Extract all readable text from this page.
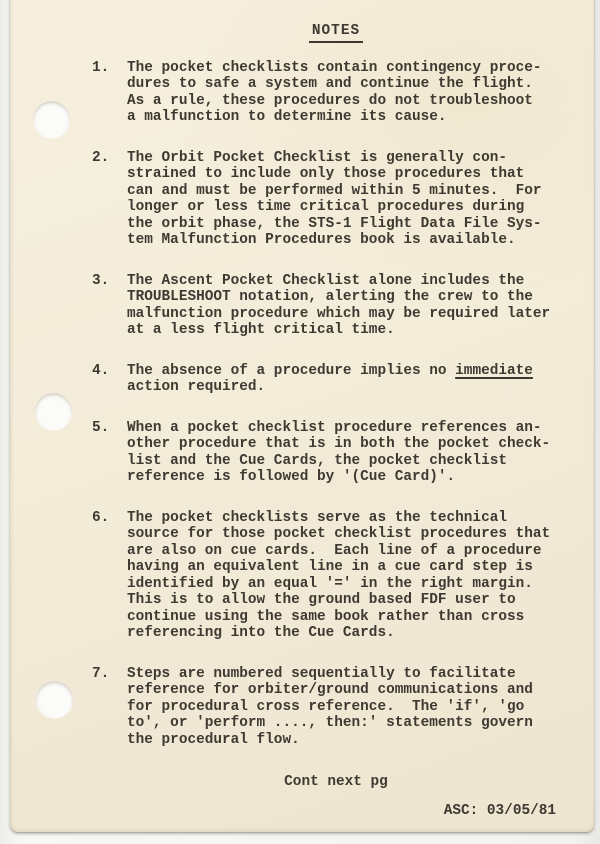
NOTES
1.	The pocket checklists contain contingency proce-
dures to safe a system and continue the flight.
As a rule, these procedures do not troubleshoot
a malfunction to determine its cause.
2.	The Orbit Pocket Checklist is generally con-
strained to include only those procedures that
can and must be performed within 5 minutes.  For
longer or less time critical procedures during
the orbit phase, the STS-1 Flight Data File Sys-
tem Malfunction Procedures book is available.
3.	The Ascent Pocket Checklist alone includes the
TROUBLESHOOT notation, alerting the crew to the
malfunction procedure which may be required later
at a less flight critical time.
4.	The absence of a procedure implies no immediate
action required.
5.	When a pocket checklist procedure references an-
other procedure that is in both the pocket check-
list and the Cue Cards, the pocket checklist
reference is followed by '(Cue Card)'.
6.	The pocket checklists serve as the technical
source for those pocket checklist procedures that
are also on cue cards.  Each line of a procedure
having an equivalent line in a cue card step is
identified by an equal '=' in the right margin.
This is to allow the ground based FDF user to
continue using the same book rather than cross
referencing into the Cue Cards.
7.	Steps are numbered sequentially to facilitate
reference for orbiter/ground communications and
for procedural cross reference.  The 'if', 'go
to', or 'perform ...., then:' statements govern
the procedural flow.
Cont next pg
ASC: 03/05/81
